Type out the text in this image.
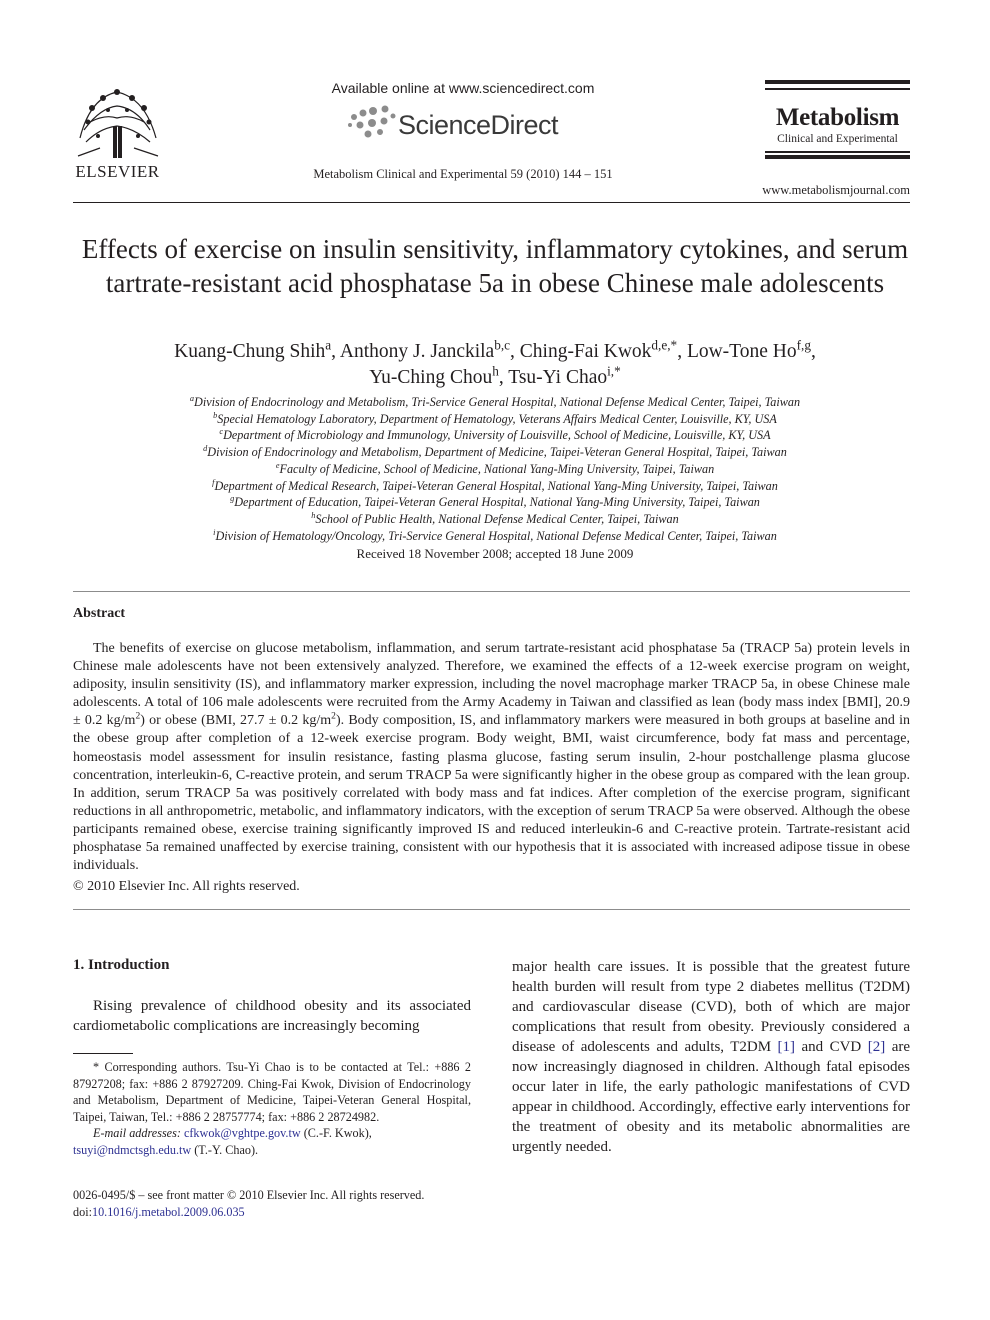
ELSEVIER
Available online at www.sciencedirect.com
ScienceDirect
Metabolism Clinical and Experimental 59 (2010) 144 – 151
Metabolism
Clinical and Experimental
www.metabolismjournal.com
Effects of exercise on insulin sensitivity, inflammatory cytokines, and serum tartrate-resistant acid phosphatase 5a in obese Chinese male adolescents
Kuang-Chung Shih$^a$, Anthony J. Janckila$^{b,c}$, Ching-Fai Kwok$^{d,e,*}$, Low-Tone Ho$^{f,g}$,
Yu-Ching Chou$^h$, Tsu-Yi Chao$^{i,*}$
$^a$Division of Endocrinology and Metabolism, Tri-Service General Hospital, National Defense Medical Center, Taipei, Taiwan
$^b$Special Hematology Laboratory, Department of Hematology, Veterans Affairs Medical Center, Louisville, KY, USA
$^c$Department of Microbiology and Immunology, University of Louisville, School of Medicine, Louisville, KY, USA
$^d$Division of Endocrinology and Metabolism, Department of Medicine, Taipei-Veteran General Hospital, Taipei, Taiwan
$^e$Faculty of Medicine, School of Medicine, National Yang-Ming University, Taipei, Taiwan
$^f$Department of Medical Research, Taipei-Veteran General Hospital, National Yang-Ming University, Taipei, Taiwan
$^g$Department of Education, Taipei-Veteran General Hospital, National Yang-Ming University, Taipei, Taiwan
$^h$School of Public Health, National Defense Medical Center, Taipei, Taiwan
$^i$Division of Hematology/Oncology, Tri-Service General Hospital, National Defense Medical Center, Taipei, Taiwan
Received 18 November 2008; accepted 18 June 2009
Abstract
The benefits of exercise on glucose metabolism, inflammation, and serum tartrate-resistant acid phosphatase 5a (TRACP 5a) protein levels in Chinese male adolescents have not been extensively analyzed. Therefore, we examined the effects of a 12-week exercise program on weight, adiposity, insulin sensitivity (IS), and inflammatory marker expression, including the novel macrophage marker TRACP 5a, in obese Chinese male adolescents. A total of 106 male adolescents were recruited from the Army Academy in Taiwan and classified as lean (body mass index [BMI], 20.9 ± 0.2 $kg/m^2$) or obese (BMI, 27.7 ± 0.2 $kg/m^2$). Body composition, IS, and inflammatory markers were measured in both groups at baseline and in the obese group after completion of a 12-week exercise program. Body weight, BMI, waist circumference, body fat mass and percentage, homeostasis model assessment for insulin resistance, fasting plasma glucose, fasting serum insulin, 2-hour postchallenge plasma glucose concentration, interleukin-6, C-reactive protein, and serum TRACP 5a were significantly higher in the obese group as compared with the lean group. In addition, serum TRACP 5a was positively correlated with body mass and fat indices. After completion of the exercise program, significant reductions in all anthropometric, metabolic, and inflammatory indicators, with the exception of serum TRACP 5a were observed. Although the obese participants remained obese, exercise training significantly improved IS and reduced interleukin-6 and C-reactive protein. Tartrate-resistant acid phosphatase 5a remained unaffected by exercise training, consistent with our hypothesis that it is associated with increased adipose tissue in obese individuals.
© 2010 Elsevier Inc. All rights reserved.
1. Introduction
Rising prevalence of childhood obesity and its associated cardiometabolic complications are increasingly becoming
* Corresponding authors. Tsu-Yi Chao is to be contacted at Tel.: +886 2 87927208; fax: +886 2 87927209. Ching-Fai Kwok, Division of Endocrinology and Metabolism, Department of Medicine, Taipei-Veteran General Hospital, Taipei, Taiwan, Tel.: +886 2 28757774; fax: +886 2 28724982.
E-mail addresses: cfkwok@vghtpe.gov.tw (C.-F. Kwok),
tsuyi@ndmctsgh.edu.tw (T.-Y. Chao).
0026-0495/$ – see front matter © 2010 Elsevier Inc. All rights reserved.
doi:10.1016/j.metabol.2009.06.035
major health care issues. It is possible that the greatest future health burden will result from type 2 diabetes mellitus (T2DM) and cardiovascular disease (CVD), both of which are major complications that result from obesity. Previously considered a disease of adolescents and adults, T2DM [1] and CVD [2] are now increasingly diagnosed in children. Although fatal episodes occur later in life, the early pathologic manifestations of CVD appear in childhood. Accordingly, effective early interventions for the treatment of obesity and its metabolic abnormalities are urgently needed.
